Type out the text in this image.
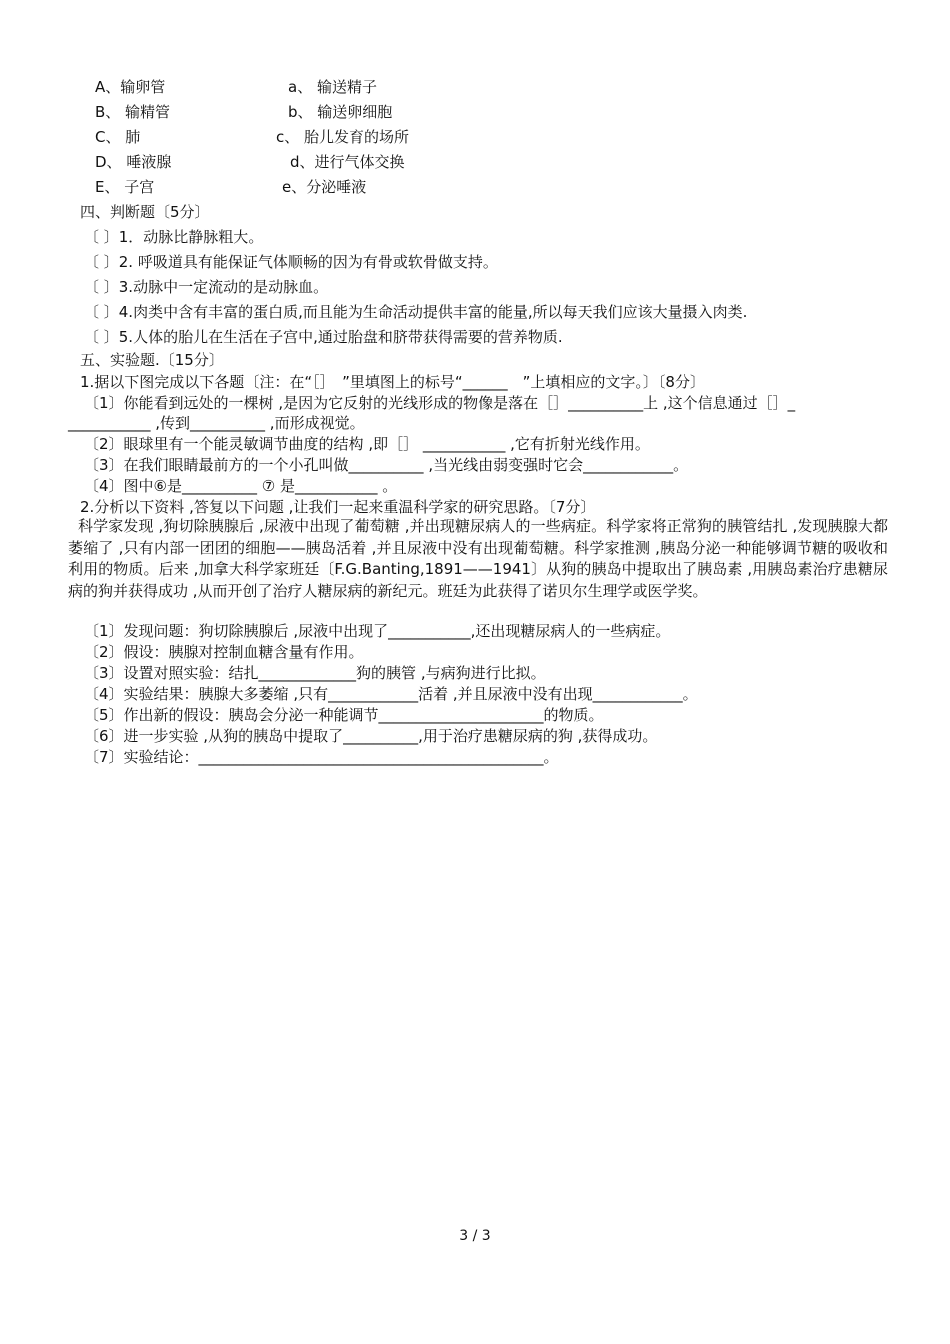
A、输卵管	a、 输送精子
B、 输精管	b、 输送卵细胞
C、 肺	c、 胎儿发育的场所
D、 唾液腺	d、进行气体交换
E、 子宫	e、分泌唾液
四、判断题〔5分〕
〔 〕1．动脉比静脉粗大。
〔 〕2. 呼吸道具有能保证气体顺畅的因为有骨或软骨做支持。
〔 〕3.动脉中一定流动的是动脉血。
〔 〕4.肉类中含有丰富的蛋白质,而且能为生命活动提供丰富的能量,所以每天我们应该大量摄入肉类.
〔 〕5.人体的胎儿在生活在子宫中,通过胎盘和脐带获得需要的营养物质.
五、实验题.〔15分〕
1.据以下图完成以下各题〔注：在“［］　”里填图上的标号“______　”上填相应的文字。〕〔8分〕
〔1〕你能看到远处的一棵树 ,是因为它反射的光线形成的物像是落在［］__________上 ,这个信息通过［］_
___________ ,传到__________ ,而形成视觉。
〔2〕眼球里有一个能灵敏调节曲度的结构 ,即［］ ___________ ,它有折射光线作用。
〔3〕在我们眼睛最前方的一个小孔叫做__________ ,当光线由弱变强时它会____________。
〔4〕图中⑥是__________ ⑦ 是___________ 。
2.分析以下资料 ,答复以下问题 ,让我们一起来重温科学家的研究思路。〔7分〕
科学家发现 ,狗切除胰腺后 ,尿液中出现了葡萄糖 ,并出现糖尿病人的一些病症。科学家将正常狗的胰管结扎 ,发现胰腺大都萎缩了 ,只有内部一团团的细胞——胰岛活着 ,并且尿液中没有出现葡萄糖。科学家推测 ,胰岛分泌一种能够调节糖的吸收和利用的物质。后来 ,加拿大科学家班廷〔F.G.Banting,1891——1941〕从狗的胰岛中提取出了胰岛素 ,用胰岛素治疗患糖尿病的狗并获得成功 ,从而开创了治疗人糖尿病的新纪元。班廷为此获得了诺贝尔生理学或医学奖。
〔1〕发现问题：狗切除胰腺后 ,尿液中出现了___________,还出现糖尿病人的一些病症。
〔2〕假设：胰腺对控制血糖含量有作用。
〔3〕设置对照实验：结扎_____________狗的胰管 ,与病狗进行比拟。
〔4〕实验结果：胰腺大多萎缩 ,只有____________活着 ,并且尿液中没有出现____________。
〔5〕作出新的假设：胰岛会分泌一种能调节______________________的物质。
〔6〕进一步实验 ,从狗的胰岛中提取了__________,用于治疗患糖尿病的狗 ,获得成功。
〔7〕实验结论：______________________________________________。
3 / 3
